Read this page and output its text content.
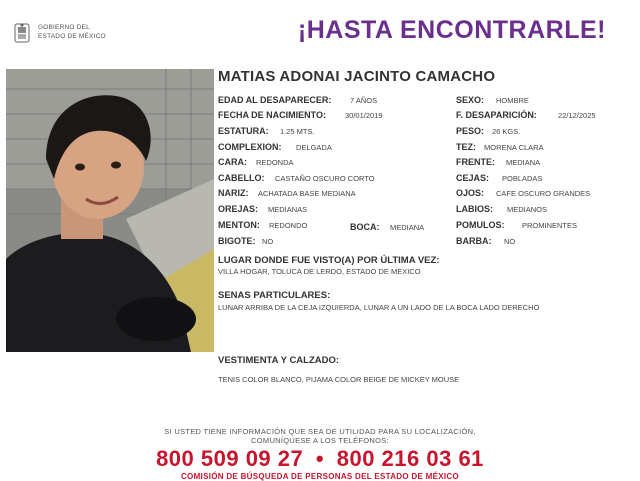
GOBIERNO DEL
ESTADO DE MÉXICO	¡HASTA ENCONTRARLE!
MATIAS ADONAI JACINTO CAMACHO
EDAD AL DESAPARECER: 7 AÑOS
FECHA DE NACIMIENTO:	30/01/2019
ESTATURA: 1.25 MTS.
COMPLEXION: DELGADA
CARA: REDONDA
CABELLO: CASTAÑO OSCURO CORTO
NARIZ: ACHATADA BASE MEDIANA
OREJAS: MEDIANAS
MENTON: REDONDO	BOCA: MEDIANA
BIGOTE: NO
SEXO: HOMBRE
F. DESAPARICIÓN:	22/12/2025
PESO: 26 KGS.
TEZ: MORENA CLARA
FRENTE: MEDIANA
CEJAS: POBLADAS
OJOS: CAFE OSCURO GRANDES
LABIOS: MEDIANOS
POMULOS: PROMINENTES
BARBA: NO
LUGAR DONDE FUE VISTO(A) POR ÚLTIMA VEZ:
VILLA HOGAR, TOLUCA DE LERDO, ESTADO DE MEXICO
SENAS PARTICULARES:
LUNAR ARRIBA DE LA CEJA IZQUIERDA, LUNAR A UN LADO DE LA BOCA LADO DERECHO
VESTIMENTA Y CALZADO:
TENIS COLOR BLANCO, PIJAMA COLOR BEIGE DE MICKEY MOUSE
SI USTED TIENE INFORMACIÓN QUE SEA DE UTILIDAD PARA SU LOCALIZACIÓN,
COMUNÍQUESE A LOS TELÉFONOS:
800 509 09 27 • 800 216 03 61
COMISIÓN DE BÚSQUEDA DE PERSONAS DEL ESTADO DE MÉXICO
